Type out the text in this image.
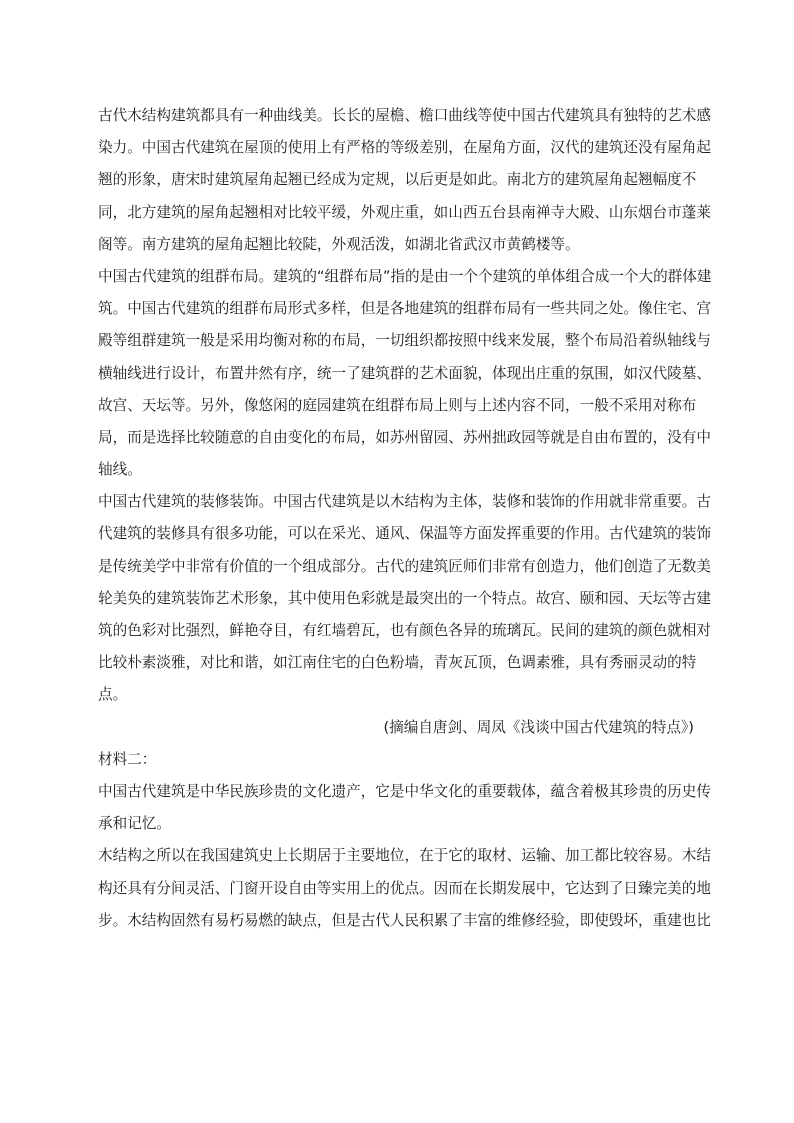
古代木结构建筑都具有一种曲线美。长长的屋檐、檐口曲线等使中国古代建筑具有独特的艺术感
染力。中国古代建筑在屋顶的使用上有严格的等级差别，在屋角方面，汉代的建筑还没有屋角起
翘的形象，唐宋时建筑屋角起翘已经成为定规，以后更是如此。南北方的建筑屋角起翘幅度不
同，北方建筑的屋角起翘相对比较平缓，外观庄重，如山西五台县南禅寺大殿、山东烟台市蓬莱
阁等。南方建筑的屋角起翘比较陡，外观活泼，如湖北省武汉市黄鹤楼等。
中国古代建筑的组群布局。建筑的“组群布局”指的是由一个个建筑的单体组合成一个大的群体建
筑。中国古代建筑的组群布局形式多样，但是各地建筑的组群布局有一些共同之处。像住宅、宫
殿等组群建筑一般是采用均衡对称的布局，一切组织都按照中线来发展，整个布局沿着纵轴线与
横轴线进行设计，布置井然有序，统一了建筑群的艺术面貌，体现出庄重的氛围，如汉代陵墓、
故宫、天坛等。另外，像悠闲的庭园建筑在组群布局上则与上述内容不同，一般不采用对称布
局，而是选择比较随意的自由变化的布局，如苏州留园、苏州拙政园等就是自由布置的，没有中
轴线。
中国古代建筑的装修装饰。中国古代建筑是以木结构为主体，装修和装饰的作用就非常重要。古
代建筑的装修具有很多功能，可以在采光、通风、保温等方面发挥重要的作用。古代建筑的装饰
是传统美学中非常有价值的一个组成部分。古代的建筑匠师们非常有创造力，他们创造了无数美
轮美奂的建筑装饰艺术形象，其中使用色彩就是最突出的一个特点。故宫、颐和园、天坛等古建
筑的色彩对比强烈，鲜艳夺目，有红墙碧瓦，也有颜色各异的琉璃瓦。民间的建筑的颜色就相对
比较朴素淡雅，对比和谐，如江南住宅的白色粉墙，青灰瓦顶，色调素雅，具有秀丽灵动的特
点。
(摘编自唐剑、周凤《浅谈中国古代建筑的特点》)
材料二：
中国古代建筑是中华民族珍贵的文化遗产，它是中华文化的重要载体，蕴含着极其珍贵的历史传
承和记忆。
木结构之所以在我国建筑史上长期居于主要地位，在于它的取材、运输、加工都比较容易。木结
构还具有分间灵活、门窗开设自由等实用上的优点。因而在长期发展中，它达到了日臻完美的地
步。木结构固然有易朽易燃的缺点，但是古代人民积累了丰富的维修经验，即使毁坏，重建也比
